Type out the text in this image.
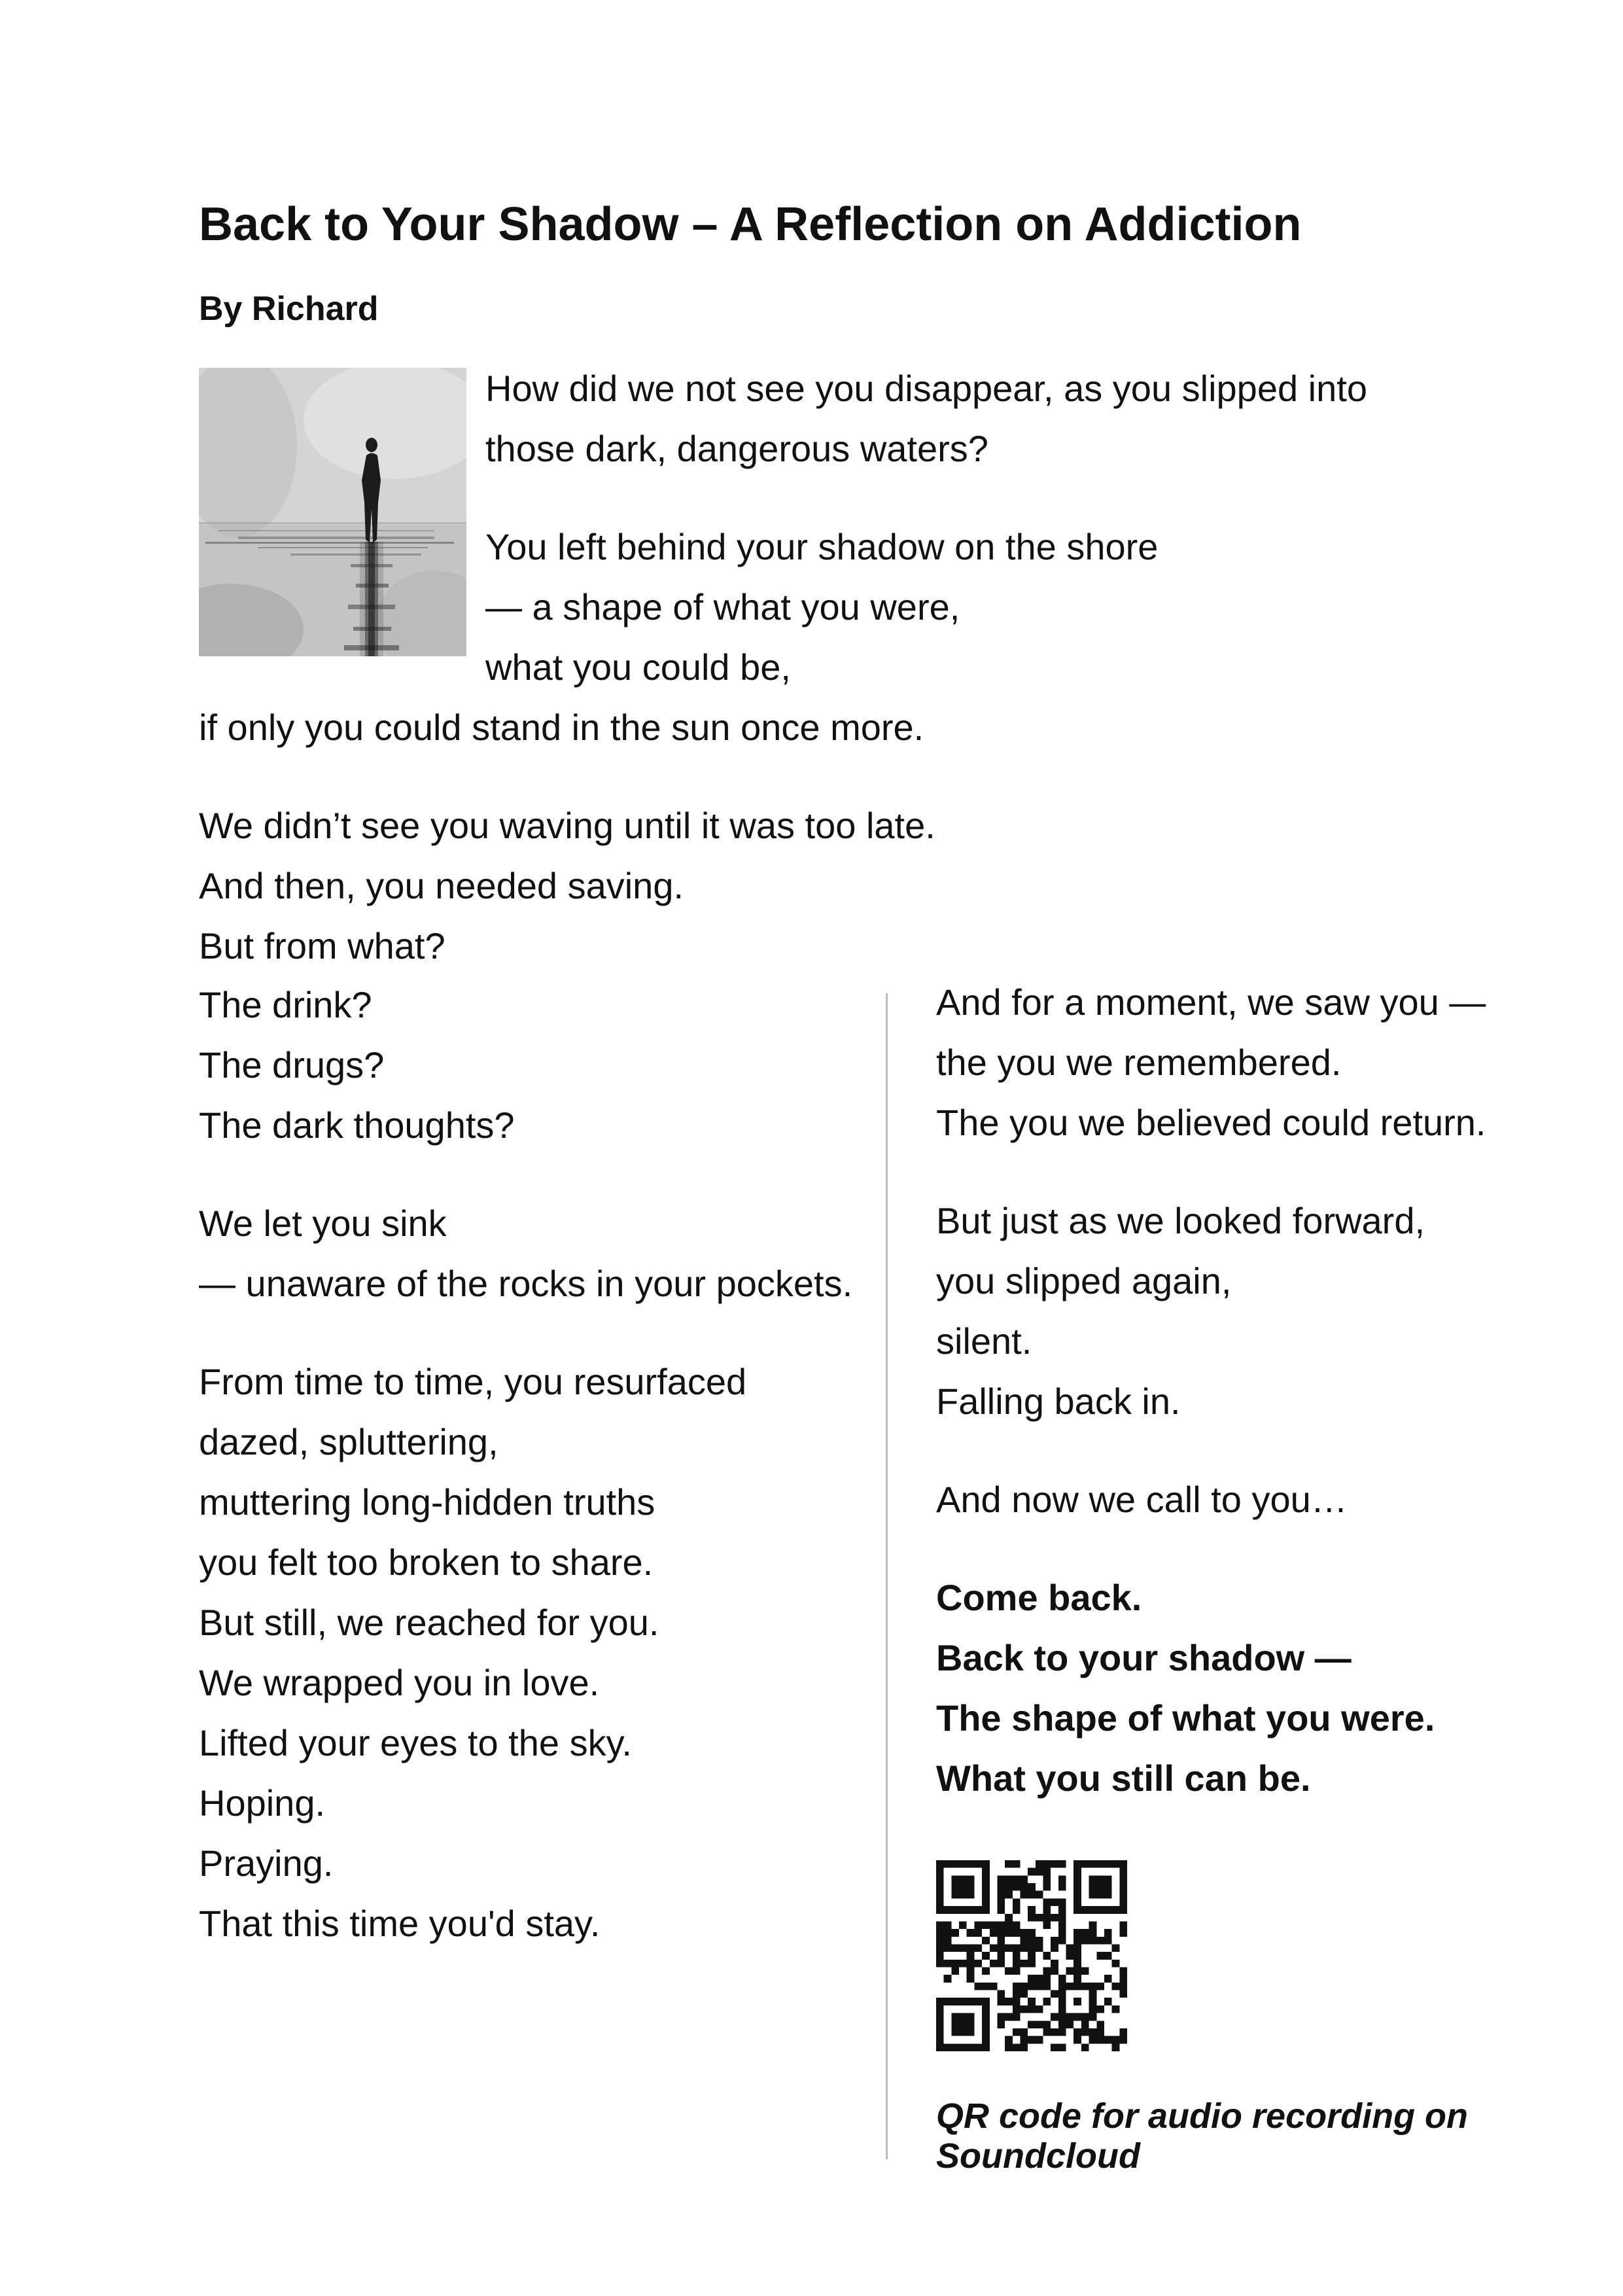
Back to Your Shadow – A Reflection on Addiction
By Richard
How did we not see you disappear, as you slipped into
those dark, dangerous waters?
You left behind your shadow on the shore
— a shape of what you were,
what you could be,
if only you could stand in the sun once more.
We didn’t see you waving until it was too late.
And then, you needed saving.
But from what?
The drink?
The drugs?
The dark thoughts?
We let you sink
— unaware of the rocks in your pockets.
From time to time, you resurfaced
dazed, spluttering,
muttering long-hidden truths
you felt too broken to share.
But still, we reached for you.
We wrapped you in love.
Lifted your eyes to the sky.
Hoping.
Praying.
That this time you'd stay.
And for a moment, we saw you —
the you we remembered.
The you we believed could return.
But just as we looked forward,
you slipped again,
silent.
Falling back in.
And now we call to you…
Come back.
Back to your shadow —
The shape of what you were.
What you still can be.
QR code for audio recording on Soundcloud
